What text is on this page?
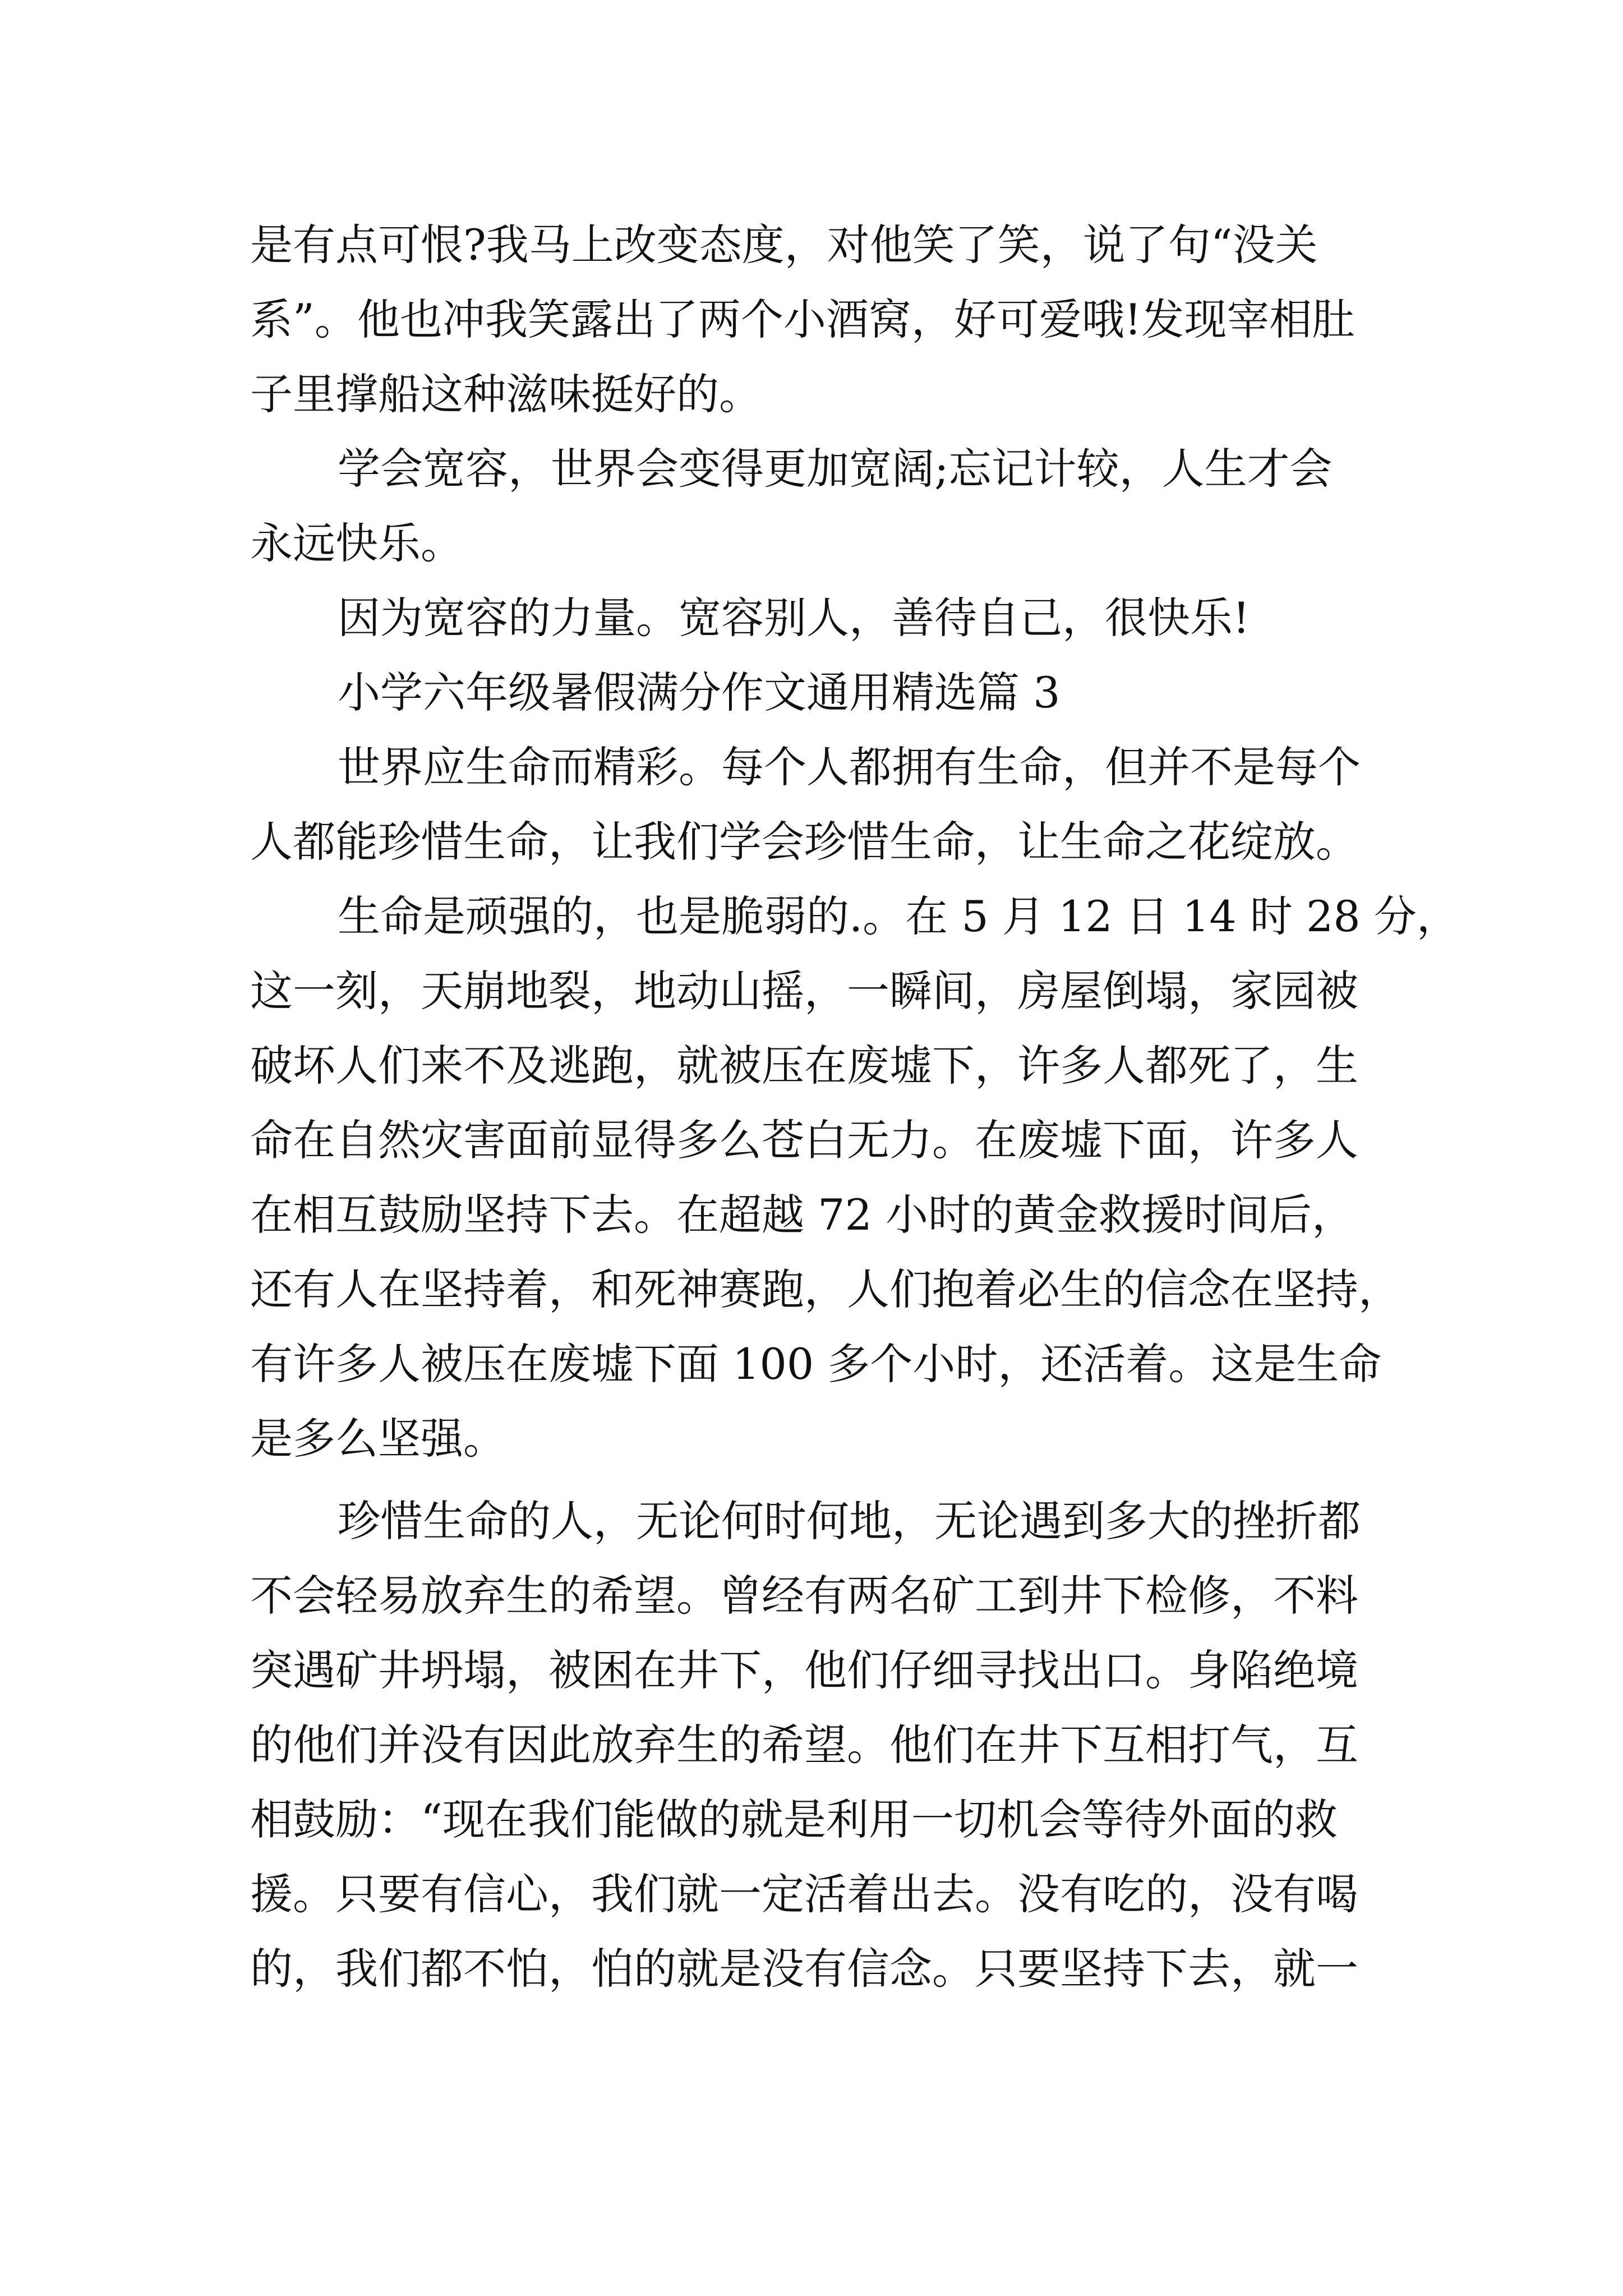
是有点可恨?我马上改变态度，对他笑了笑，说了句“没关
系”。他也冲我笑露出了两个小酒窝，好可爱哦!发现宰相肚
子里撑船这种滋味挺好的。
学会宽容，世界会变得更加宽阔;忘记计较，人生才会
永远快乐。
因为宽容的力量。宽容别人，善待自己，很快乐!
小学六年级暑假满分作文通用精选篇 3
世界应生命而精彩。每个人都拥有生命，但并不是每个
人都能珍惜生命，让我们学会珍惜生命，让生命之花绽放。
生命是顽强的，也是脆弱的.。在 5 月 12 日 14 时 28 分，
这一刻，天崩地裂，地动山摇，一瞬间，房屋倒塌，家园被
破坏人们来不及逃跑，就被压在废墟下，许多人都死了，生
命在自然灾害面前显得多么苍白无力。在废墟下面，许多人
在相互鼓励坚持下去。在超越 72 小时的黄金救援时间后，
还有人在坚持着，和死神赛跑，人们抱着必生的信念在坚持，
有许多人被压在废墟下面 100 多个小时，还活着。这是生命
是多么坚强。
珍惜生命的人，无论何时何地，无论遇到多大的挫折都
不会轻易放弃生的希望。曾经有两名矿工到井下检修，不料
突遇矿井坍塌，被困在井下，他们仔细寻找出口。身陷绝境
的他们并没有因此放弃生的希望。他们在井下互相打气，互
相鼓励：“现在我们能做的就是利用一切机会等待外面的救
援。只要有信心，我们就一定活着出去。没有吃的，没有喝
的，我们都不怕，怕的就是没有信念。只要坚持下去，就一
